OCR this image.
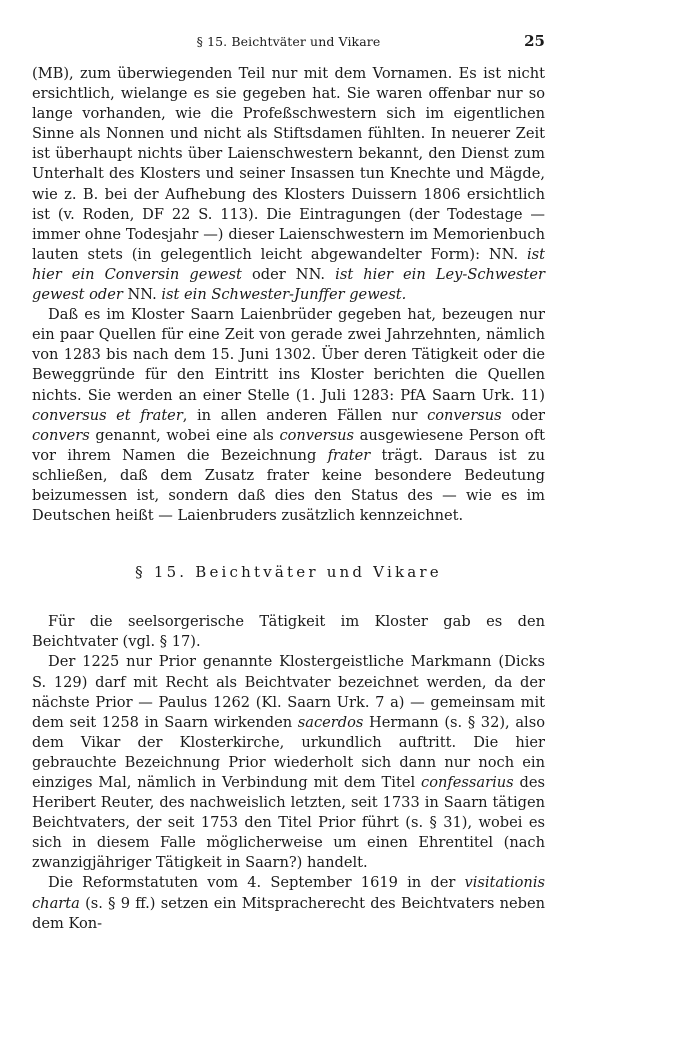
§ 15. Beichtväter und Vikare	25

(MB), zum überwiegenden Teil nur mit dem Vornamen. Es ist nicht ersichtlich, wielange es sie gegeben hat. Sie waren offenbar nur so lange vorhanden, wie die Profeßschwestern sich im eigentlichen Sinne als Nonnen und nicht als Stiftsdamen fühlten. In neuerer Zeit ist überhaupt nichts über Laienschwestern bekannt, den Dienst zum Unterhalt des Klosters und seiner Insassen tun Knechte und Mägde, wie z. B. bei der Aufhebung des Klosters Duissern 1806 ersichtlich ist (v. Roden, DF 22 S. 113). Die Eintragungen (der Todestage — immer ohne Todesjahr —) dieser Laienschwestern im Memorienbuch lauten stets (in gelegentlich leicht abgewandelter Form): NN. ist hier ein Conversin gewest oder NN. ist hier ein Ley-Schwester gewest oder NN. ist ein Schwester-Junffer gewest.

Daß es im Kloster Saarn Laienbrüder gegeben hat, bezeugen nur ein paar Quellen für eine Zeit von gerade zwei Jahrzehnten, nämlich von 1283 bis nach dem 15. Juni 1302. Über deren Tätigkeit oder die Beweggründe für den Eintritt ins Kloster berichten die Quellen nichts. Sie werden an einer Stelle (1. Juli 1283: PfA Saarn Urk. 11) conversus et frater, in allen anderen Fällen nur conversus oder convers genannt, wobei eine als conversus ausgewiesene Person oft vor ihrem Namen die Bezeichnung frater trägt. Daraus ist zu schließen, daß dem Zusatz frater keine besondere Bedeutung beizumessen ist, sondern daß dies den Status des — wie es im Deutschen heißt — Laienbruders zusätzlich kennzeichnet.

§ 15. Beichtväter und Vikare

Für die seelsorgerische Tätigkeit im Kloster gab es den Beichtvater (vgl. § 17).

Der 1225 nur Prior genannte Klostergeistliche Markmann (Dicks S. 129) darf mit Recht als Beichtvater bezeichnet werden, da der nächste Prior — Paulus 1262 (Kl. Saarn Urk. 7 a) — gemeinsam mit dem seit 1258 in Saarn wirkenden sacerdos Hermann (s. § 32), also dem Vikar der Klosterkirche, urkundlich auftritt. Die hier gebrauchte Bezeichnung Prior wiederholt sich dann nur noch ein einziges Mal, nämlich in Verbindung mit dem Titel confessarius des Heribert Reuter, des nachweislich letzten, seit 1733 in Saarn tätigen Beichtvaters, der seit 1753 den Titel Prior führt (s. § 31), wobei es sich in diesem Falle möglicherweise um einen Ehrentitel (nach zwanzigjähriger Tätigkeit in Saarn?) handelt.

Die Reformstatuten vom 4. September 1619 in der visitationis charta (s. § 9 ff.) setzen ein Mitspracherecht des Beichtvaters neben dem Kon-
